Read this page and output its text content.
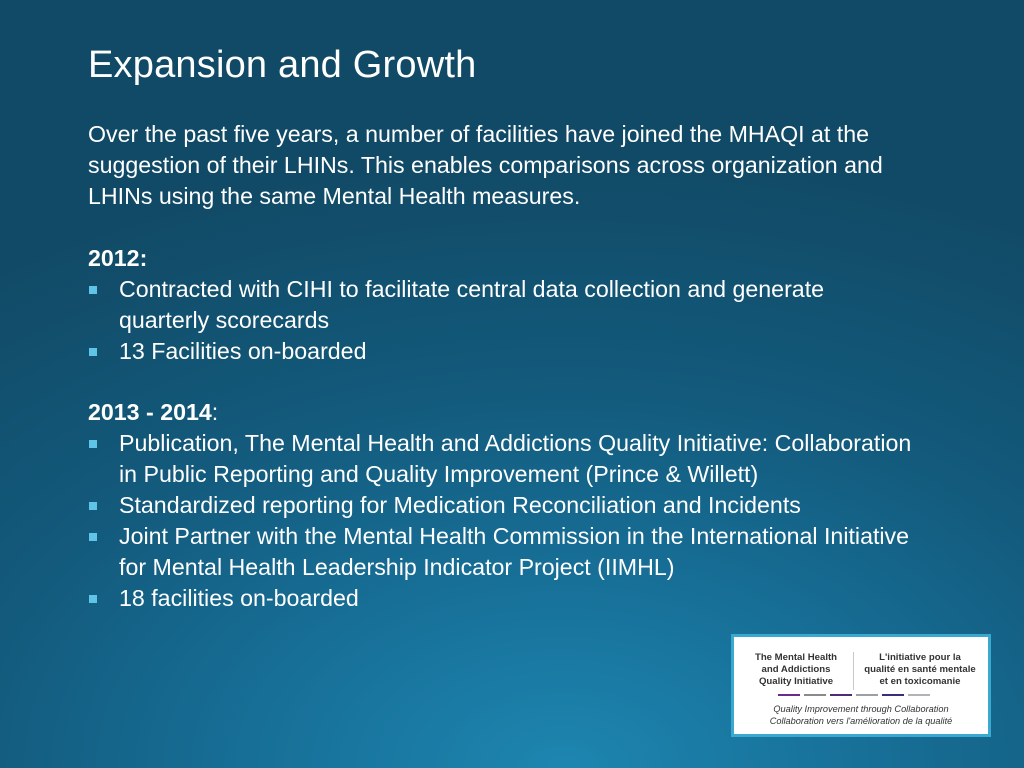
Expansion and Growth

Over the past five years, a number of facilities have joined the MHAQI at the suggestion of their LHINs. This enables comparisons across organization and LHINs using the same Mental Health measures.

2012:

Contracted with CIHI to facilitate central data collection and generate quarterly scorecards
13 Facilities on-boarded

2013 - 2014:

Publication, The Mental Health and Addictions Quality Initiative: Collaboration in Public Reporting and Quality Improvement (Prince & Willett)
Standardized reporting for Medication Reconciliation and Incidents
Joint Partner with the Mental Health Commission in the International Initiative for Mental Health Leadership Indicator Project (IIMHL)
18 facilities on-boarded
The Mental Health
and Addictions
Quality Initiative
L'initiative pour la
qualité en santé mentale
et en toxicomanie
Quality Improvement through Collaboration
Collaboration vers l'amélioration de la qualité
